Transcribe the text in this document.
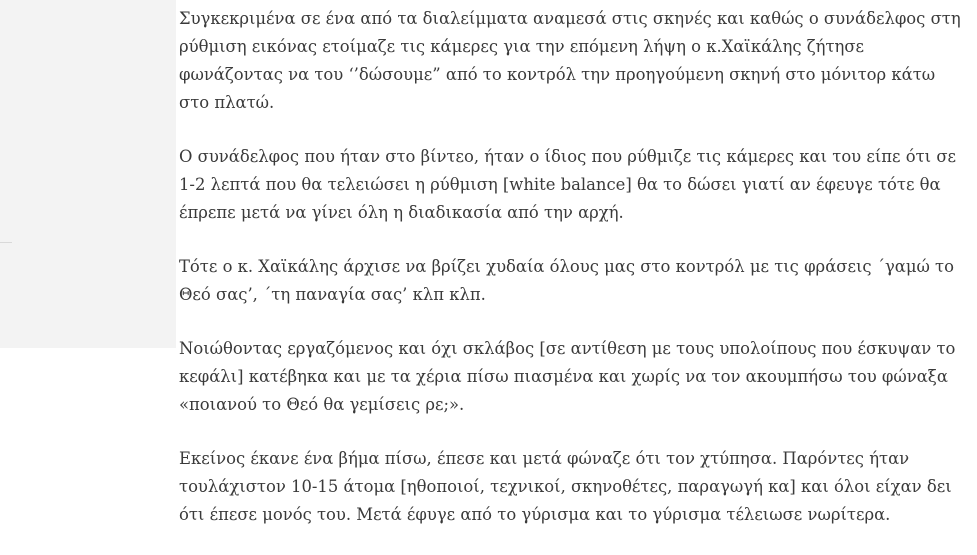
Συγκεκριμένα σε ένα από τα διαλείμματα αναμεσά στις σκηνές και καθώς ο συνάδελφος στη ρύθμιση εικόνας ετοίμαζε τις κάμερες για την επόμενη λήψη ο κ.Χαϊκάλης ζήτησε φωνάζοντας να του ‘’δώσουμε” από το κοντρόλ την προηγούμενη σκηνή στο μόνιτορ κάτω στο πλατώ.

Ο συνάδελφος που ήταν στο βίντεο, ήταν ο ίδιος που ρύθμιζε τις κάμερες και του είπε ότι σε 1-2 λεπτά που θα τελειώσει η ρύθμιση [white balance] θα το δώσει γιατί αν έφευγε τότε θα έπρεπε μετά να γίνει όλη η διαδικασία από την αρχή.

Τότε ο κ. Χαϊκάλης άρχισε να βρίζει χυδαία όλους μας στο κοντρόλ με τις φράσεις ΄γαμώ το Θεό σας’, ΄τη παναγία σας’ κλπ κλπ.

Νοιώθοντας εργαζόμενος και όχι σκλάβος [σε αντίθεση με τους υπολοίπους που έσκυψαν το κεφάλι] κατέβηκα και με τα χέρια πίσω πιασμένα και χωρίς να τον ακουμπήσω του φώναξα «ποιανού το Θεό θα γεμίσεις ρε;».

Εκείνος έκανε ένα βήμα πίσω, έπεσε και μετά φώναζε ότι τον χτύπησα. Παρόντες ήταν τουλάχιστον 10-15 άτομα [ηθοποιοί, τεχνικοί, σκηνοθέτες, παραγωγή κα] και όλοι είχαν δει ότι έπεσε μονός του. Μετά έφυγε από το γύρισμα και το γύρισμα τέλειωσε νωρίτερα.
